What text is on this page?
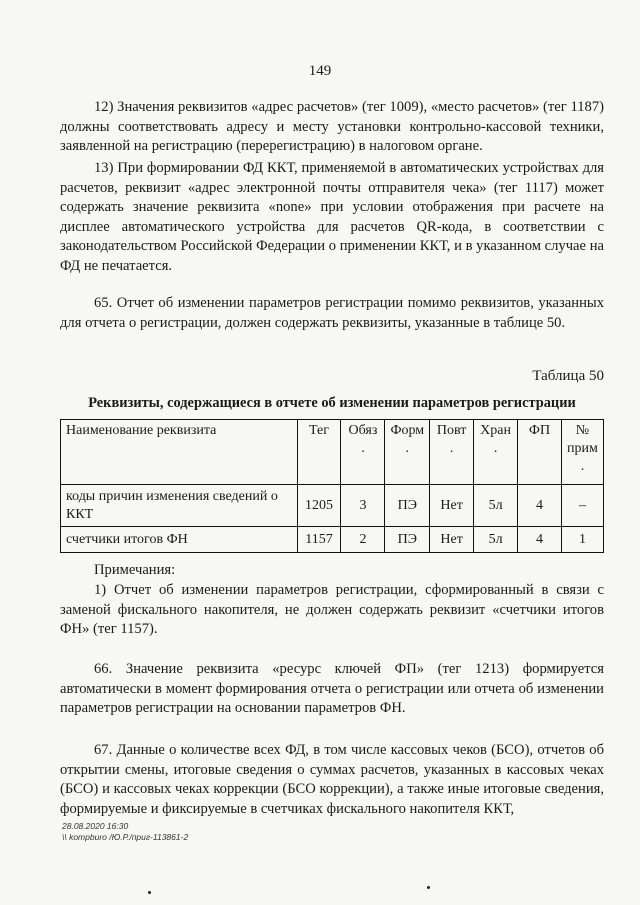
149

12) Значения реквизитов «адрес расчетов» (тег 1009), «место расчетов» (тег 1187) должны соответствовать адресу и месту установки контрольно-кассовой техники, заявленной на регистрацию (перерегистрацию) в налоговом органе.

13) При формировании ФД ККТ, применяемой в автоматических устройствах для расчетов, реквизит «адрес электронной почты отправителя чека» (тег 1117) может содержать значение реквизита «none» при условии отображения при расчете на дисплее автоматического устройства для расчетов QR-кода, в соответствии с законодательством Российской Федерации о применении ККТ, и в указанном случае на ФД не печатается.

65. Отчет об изменении параметров регистрации помимо реквизитов, указанных для отчета о регистрации, должен содержать реквизиты, указанные в таблице 50.

Таблица 50
Реквизиты, содержащиеся в отчете об изменении параметров регистрации
Наименование реквизита	Тег	Обяз .	Форм .	Повт .	Хран .	ФП	№ прим .
коды причин изменения сведений о ККТ	1205	3	ПЭ	Нет	5л	4	–
счетчики итогов ФН	1157	2	ПЭ	Нет	5л	4	1
Примечания:

1) Отчет об изменении параметров регистрации, сформированный в связи с заменой фискального накопителя, не должен содержать реквизит «счетчики итогов ФН» (тег 1157).

66. Значение реквизита «ресурс ключей ФП» (тег 1213) формируется автоматически в момент формирования отчета о регистрации или отчета об изменении параметров регистрации на основании параметров ФН.

67. Данные о количестве всех ФД, в том числе кассовых чеков (БСО), отчетов об открытии смены, итоговые сведения о суммах расчетов, указанных в кассовых чеках (БСО) и кассовых чеках коррекции (БСО коррекции), а также иные итоговые сведения, формируемые и фиксируемые в счетчиках фискального накопителя ККТ,

28.08.2020 16:30
\\ kompburo /Ю.Р./приг-113861-2
